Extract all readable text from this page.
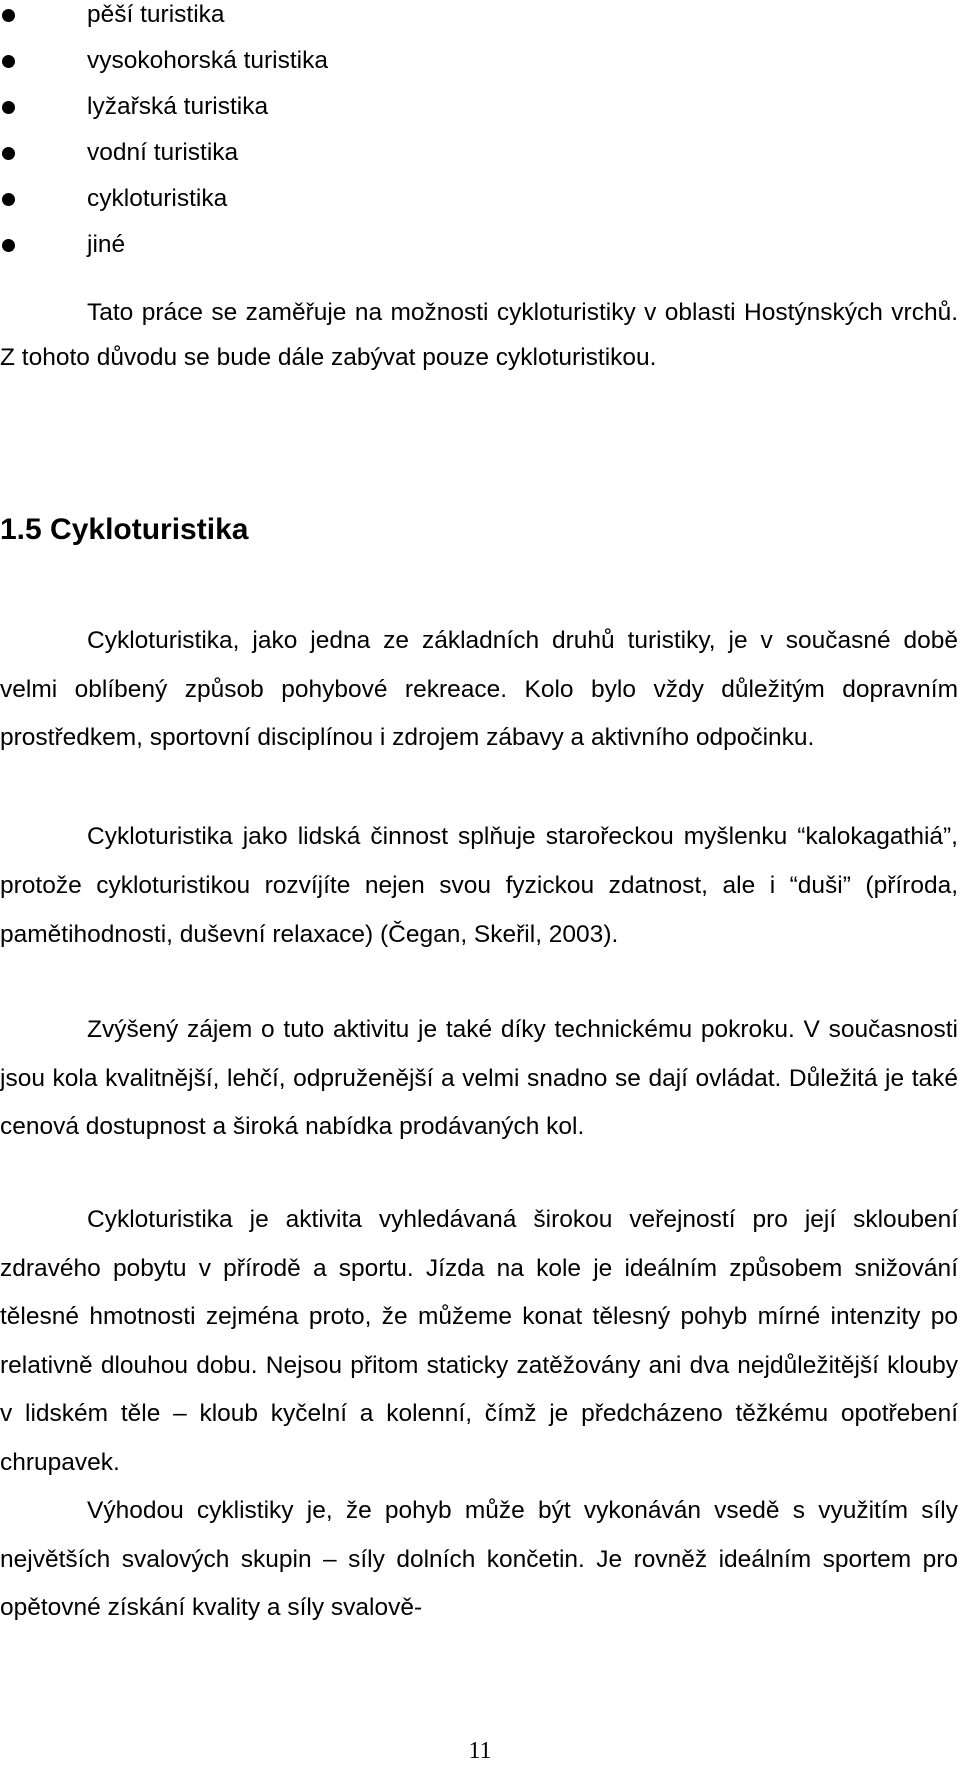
pěší turistika
vysokohorská turistika
lyžařská turistika
vodní turistika
cykloturistika
jiné

Tato práce se zaměřuje na možnosti cykloturistiky v oblasti Hostýnských vrchů. Z tohoto důvodu se bude dále zabývat pouze cykloturistikou.

1.5 Cykloturistika

Cykloturistika, jako jedna ze základních druhů turistiky, je v současné době velmi oblíbený způsob pohybové rekreace. Kolo bylo vždy důležitým dopravním prostředkem, sportovní disciplínou i zdrojem zábavy a aktivního odpočinku.

Cykloturistika jako lidská činnost splňuje starořeckou myšlenku “kalokagathiá”, protože cykloturistikou rozvíjíte nejen svou fyzickou zdatnost, ale i “duši” (příroda, pamětihodnosti, duševní relaxace) (Čegan, Skeřil, 2003).

Zvýšený zájem o tuto aktivitu je také díky technickému pokroku. V současnosti jsou kola kvalitnější, lehčí, odpruženější a velmi snadno se dají ovládat. Důležitá je také cenová dostupnost a široká nabídka prodávaných kol.

Cykloturistika je aktivita vyhledávaná širokou veřejností pro její skloubení zdravého pobytu v přírodě a sportu. Jízda na kole je ideálním způsobem snižování tělesné hmotnosti zejména proto, že můžeme konat tělesný pohyb mírné intenzity po relativně dlouhou dobu. Nejsou přitom staticky zatěžovány ani dva nejdůležitější klouby v lidském těle – kloub kyčelní a kolenní, čímž je předcházeno těžkému opotřebení chrupavek.

Výhodou cyklistiky je, že pohyb může být vykonáván vsedě s využitím síly největších svalových skupin – síly dolních končetin. Je rovněž ideálním sportem pro opětovné získání kvality a síly svalově-

11
